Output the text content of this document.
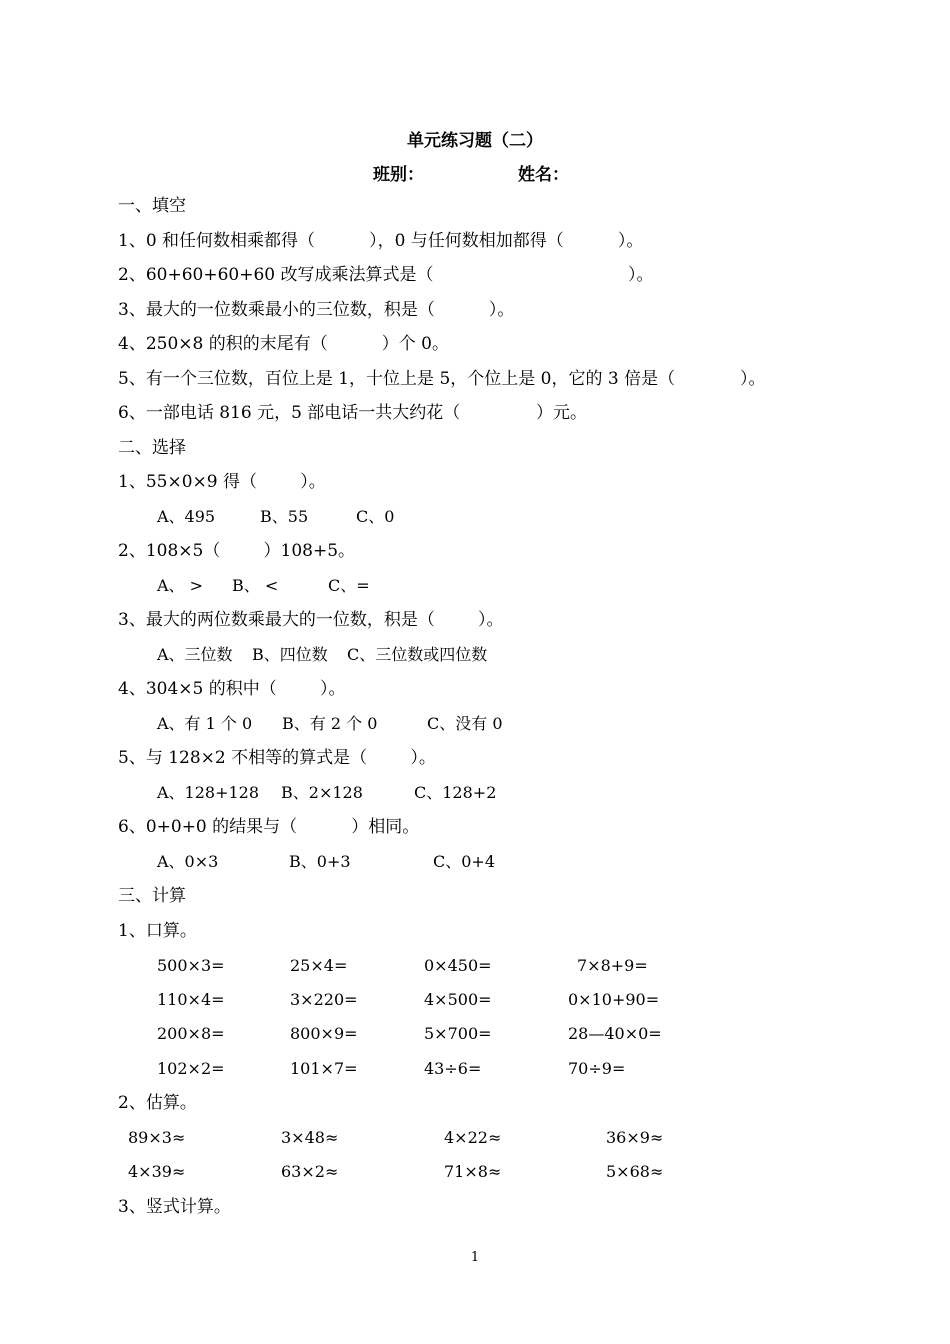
单元练习题（二）
班别：	姓名：
一、填空
1、0 和任何数相乘都得（          ），0 与任何数相加都得（          ）。
2、60+60+60+60 改写成乘法算式是（                                    ）。
3、最大的一位数乘最小的三位数，积是（          ）。
4、250×8 的积的末尾有（          ）个 0。
5、有一个三位数，百位上是 1，十位上是 5，个位上是 0，它的 3 倍是（            ）。
6、一部电话 816 元，5 部电话一共大约花（              ）元。
二、选择
1、55×0×9 得（        ）。
A、495	B、55	C、0
2、108×5（        ）108+5。
A、 > B、 <	C、=
3、最大的两位数乘最大的一位数，积是（        ）。
A、三位数 B、四位数 C、三位数或四位数
4、304×5 的积中（        ）。
A、有 1 个 0 B、有 2 个 0	C、没有 0
5、与 128×2 不相等的算式是（        ）。
A、128+128 B、2×128	C、128+2
6、0+0+0 的结果与（          ）相同。
A、0×3	B、0+3	C、0+4
三、计算
1、口算。
500×3=	25×4=	0×450=	7×8+9=
110×4=	3×220=	4×500=	0×10+90=
200×8=	800×9=	5×700=	28—40×0=
102×2=	101×7=	43÷6=	70÷9=
2、估算。
89×3≈	3×48≈	4×22≈	36×9≈
4×39≈	63×2≈	71×8≈	5×68≈
3、竖式计算。
1
